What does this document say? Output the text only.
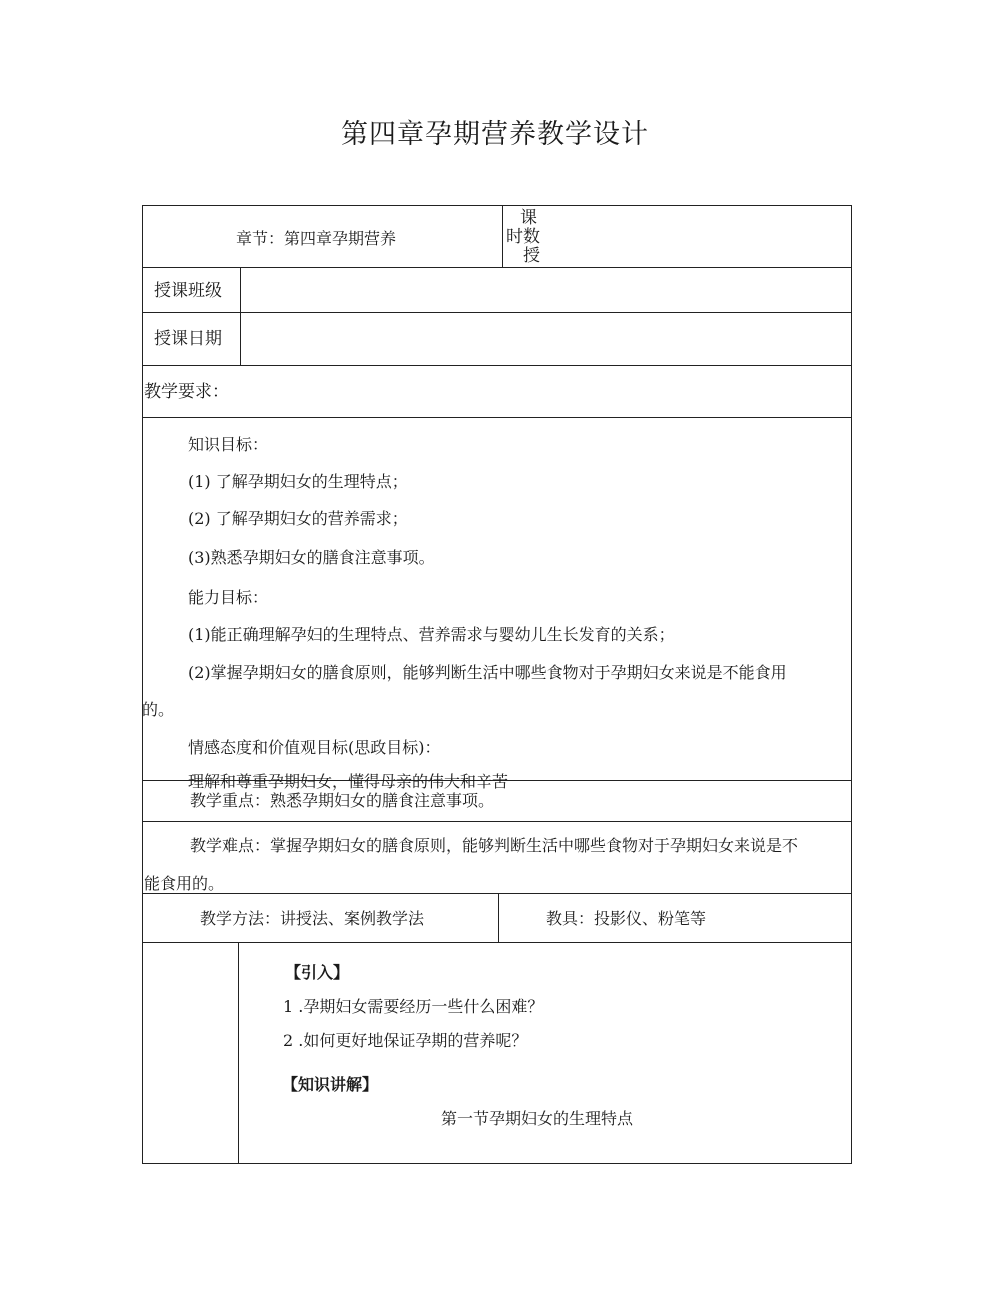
第四章孕期营养教学设计
章节：第四章孕期营养
课
时数
授
授课班级
授课日期
教学要求：
知识目标：
(1) 了解孕期妇女的生理特点；
(2) 了解孕期妇女的营养需求；
(3)熟悉孕期妇女的膳食注意事项。
能力目标：
(1)能正确理解孕妇的生理特点、营养需求与婴幼儿生长发育的关系；
(2)掌握孕期妇女的膳食原则，能够判断生活中哪些食物对于孕期妇女来说是不能食用
的。
情感态度和价值观目标(思政目标)：
理解和尊重孕期妇女，懂得母亲的伟大和辛苦
教学重点：熟悉孕期妇女的膳食注意事项。
教学难点：掌握孕期妇女的膳食原则，能够判断生活中哪些食物对于孕期妇女来说是不
能食用的。
教学方法：讲授法、案例教学法	教具：投影仪、粉笔等
【引入】
1 .孕期妇女需要经历一些什么困难？
2 .如何更好地保证孕期的营养呢？
【知识讲解】
第一节孕期妇女的生理特点
